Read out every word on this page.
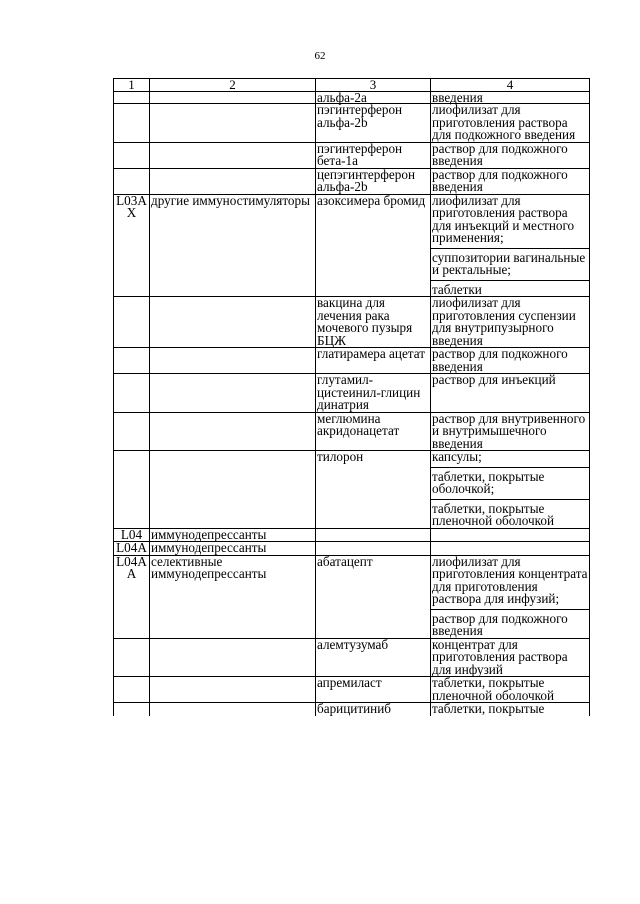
62
1	2	3	4
		альфа-2а	введения

		пэгинтерферон альфа-2b	лиофилизат для приготовления раствора для подкожного введения

		пэгинтерферон бета-1а	раствор для подкожного введения

		цепэгинтерферон альфа-2b	раствор для подкожного введения

L03A X	другие иммуностимуляторы	азоксимера бромид	лиофилизат для приготовления раствора для инъекций и местного применения;
суппозитории вагинальные и ректальные;
таблетки

		вакцина для лечения рака мочевого пузыря БЦЖ	лиофилизат для приготовления суспензии для внутрипузырного введения

		глатирамера ацетат	раствор для подкожного введения

		глутамил-цистеинил-глицин динатрия	раствор для инъекций

		меглюмина акридонацетат	раствор для внутривенного и внутримышечного введения

		тилорон	капсулы;
таблетки, покрытые оболочкой;
таблетки, покрытые пленочной оболочкой

L04	иммунодепрессанты		

L04A	иммунодепрессанты		

L04A A	селективные иммунодепрессанты	абатацепт	лиофилизат для приготовления концентрата для приготовления раствора для инфузий;
раствор для подкожного введения

		алемтузумаб	концентрат для приготовления раствора для инфузий

		апремиласт	таблетки, покрытые пленочной оболочкой

		барицитиниб	таблетки, покрытые
